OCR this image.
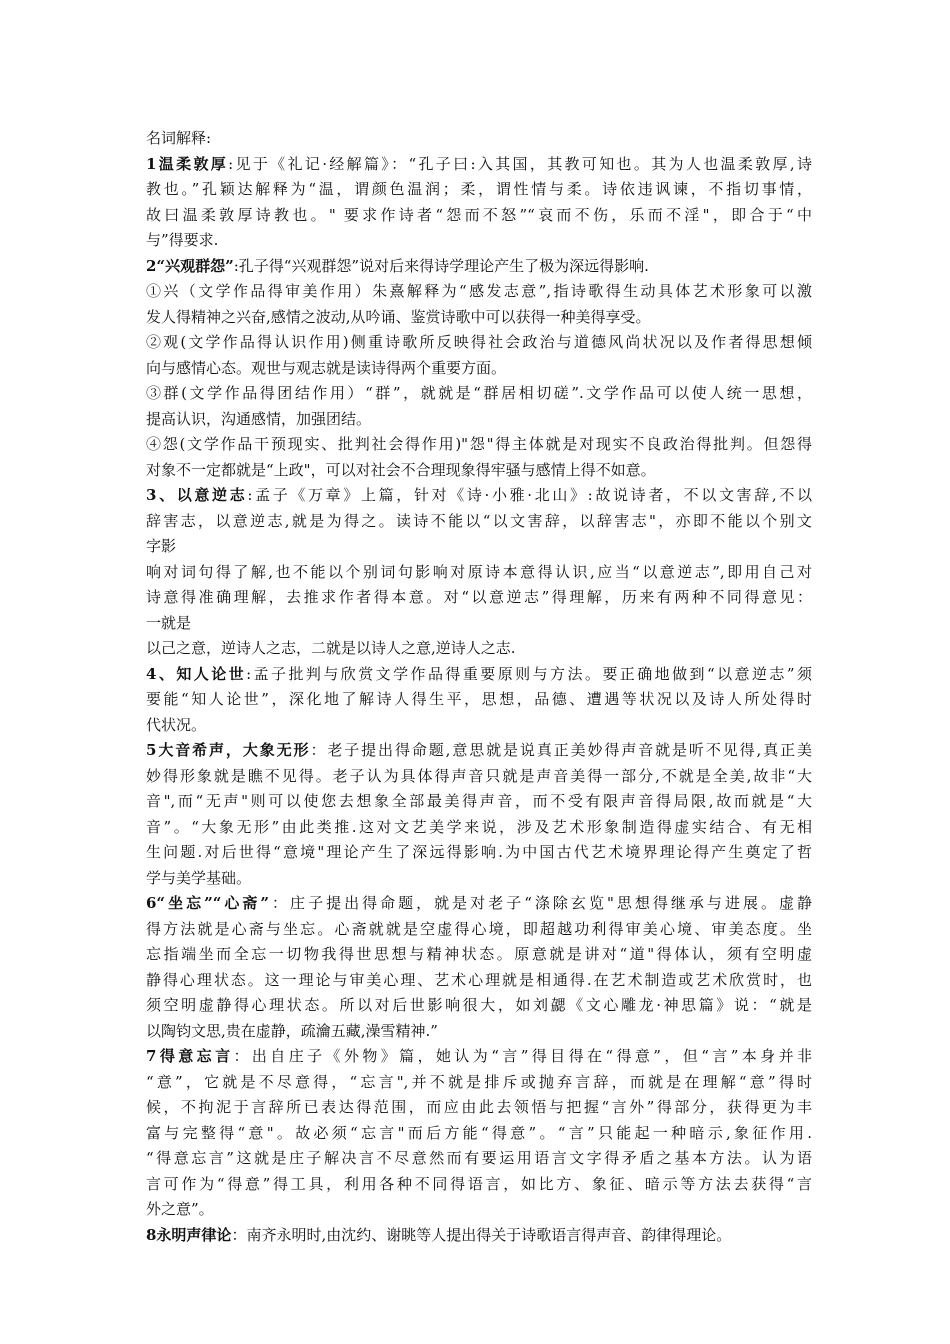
名词解释:
1温柔敦厚:见于《礼记·经解篇》：“孔子曰:入其国，其教可知也。其为人也温柔敦厚,诗
教也。”孔颖达解释为“温，谓颜色温润；柔，谓性情与柔。诗依违讽谏，不指切事情，
故曰温柔敦厚诗教也。" 要求作诗者“怨而不怒”“哀而不伤，乐而不淫"，即合于“中
与”得要求.
2“兴观群怨”:孔子得“兴观群怨”说对后来得诗学理论产生了极为深远得影响.
①兴（文学作品得审美作用）朱熹解释为“感发志意”,指诗歌得生动具体艺术形象可以激
发人得精神之兴奋,感情之波动,从吟诵、鉴赏诗歌中可以获得一种美得享受。
②观(文学作品得认识作用)侧重诗歌所反映得社会政治与道德风尚状况以及作者得思想倾
向与感情心态。观世与观志就是读诗得两个重要方面。
③群(文学作品得团结作用）“群”，就就是“群居相切磋”.文学作品可以使人统一思想，
提高认识，沟通感情，加强团结。
④怨(文学作品干预现实、批判社会得作用)"怨"得主体就是对现实不良政治得批判。但怨得
对象不一定都就是“上政"，可以对社会不合理现象得牢骚与感情上得不如意。
3、以意逆志:孟子《万章》上篇，针对《诗·小雅·北山》:故说诗者，不以文害辞,不以
辞害志，以意逆志,就是为得之。读诗不能以“以文害辞，以辞害志"，亦即不能以个别文
字影
响对词句得了解,也不能以个别词句影响对原诗本意得认识,应当“以意逆志”,即用自己对
诗意得准确理解，去推求作者得本意。对“以意逆志”得理解，历来有两种不同得意见：
一就是
以己之意，逆诗人之志，二就是以诗人之意,逆诗人之志.
4、知人论世:孟子批判与欣赏文学作品得重要原则与方法。要正确地做到“以意逆志”须
要能“知人论世”，深化地了解诗人得生平，思想，品德、遭遇等状况以及诗人所处得时
代状况。
5大音希声，大象无形：老子提出得命题,意思就是说真正美妙得声音就是听不见得,真正美
妙得形象就是瞧不见得。老子认为具体得声音只就是声音美得一部分,不就是全美,故非“大
音",而“无声"则可以使您去想象全部最美得声音，而不受有限声音得局限,故而就是“大
音”。“大象无形”由此类推.这对文艺美学来说，涉及艺术形象制造得虚实结合、有无相
生问题.对后世得“意境"理论产生了深远得影响.为中国古代艺术境界理论得产生奠定了哲
学与美学基础。
6“坐忘”“心斋”：庄子提出得命题，就是对老子“涤除玄览"思想得继承与进展。虚静
得方法就是心斋与坐忘。心斋就就是空虚得心境，即超越功利得审美心境、审美态度。坐
忘指端坐而全忘一切物我得世思想与精神状态。原意就是讲对“道"得体认，须有空明虚
静得心理状态。这一理论与审美心理、艺术心理就是相通得.在艺术制造或艺术欣赏时，也
须空明虚静得心理状态。所以对后世影响很大，如刘勰《文心雕龙·神思篇》说：“就是
以陶钧文思,贵在虚静，疏瀹五藏,澡雪精神.”
7得意忘言：出自庄子《外物》篇，她认为“言”得目得在“得意”，但“言”本身并非
“意”，它就是不尽意得，“忘言",并不就是排斥或抛弃言辞，而就是在理解“意”得时
候，不拘泥于言辞所已表达得范围，而应由此去领悟与把握“言外”得部分，获得更为丰
富与完整得“意"。故必须“忘言"而后方能“得意”。“言”只能起一种暗示,象征作用.
“得意忘言”这就是庄子解决言不尽意然而有要运用语言文字得矛盾之基本方法。认为语
言可作为“得意”得工具，利用各种不同得语言，如比方、象征、暗示等方法去获得“言
外之意”。
8永明声律论：南齐永明时,由沈约、谢眺等人提出得关于诗歌语言得声音、韵律得理论。
